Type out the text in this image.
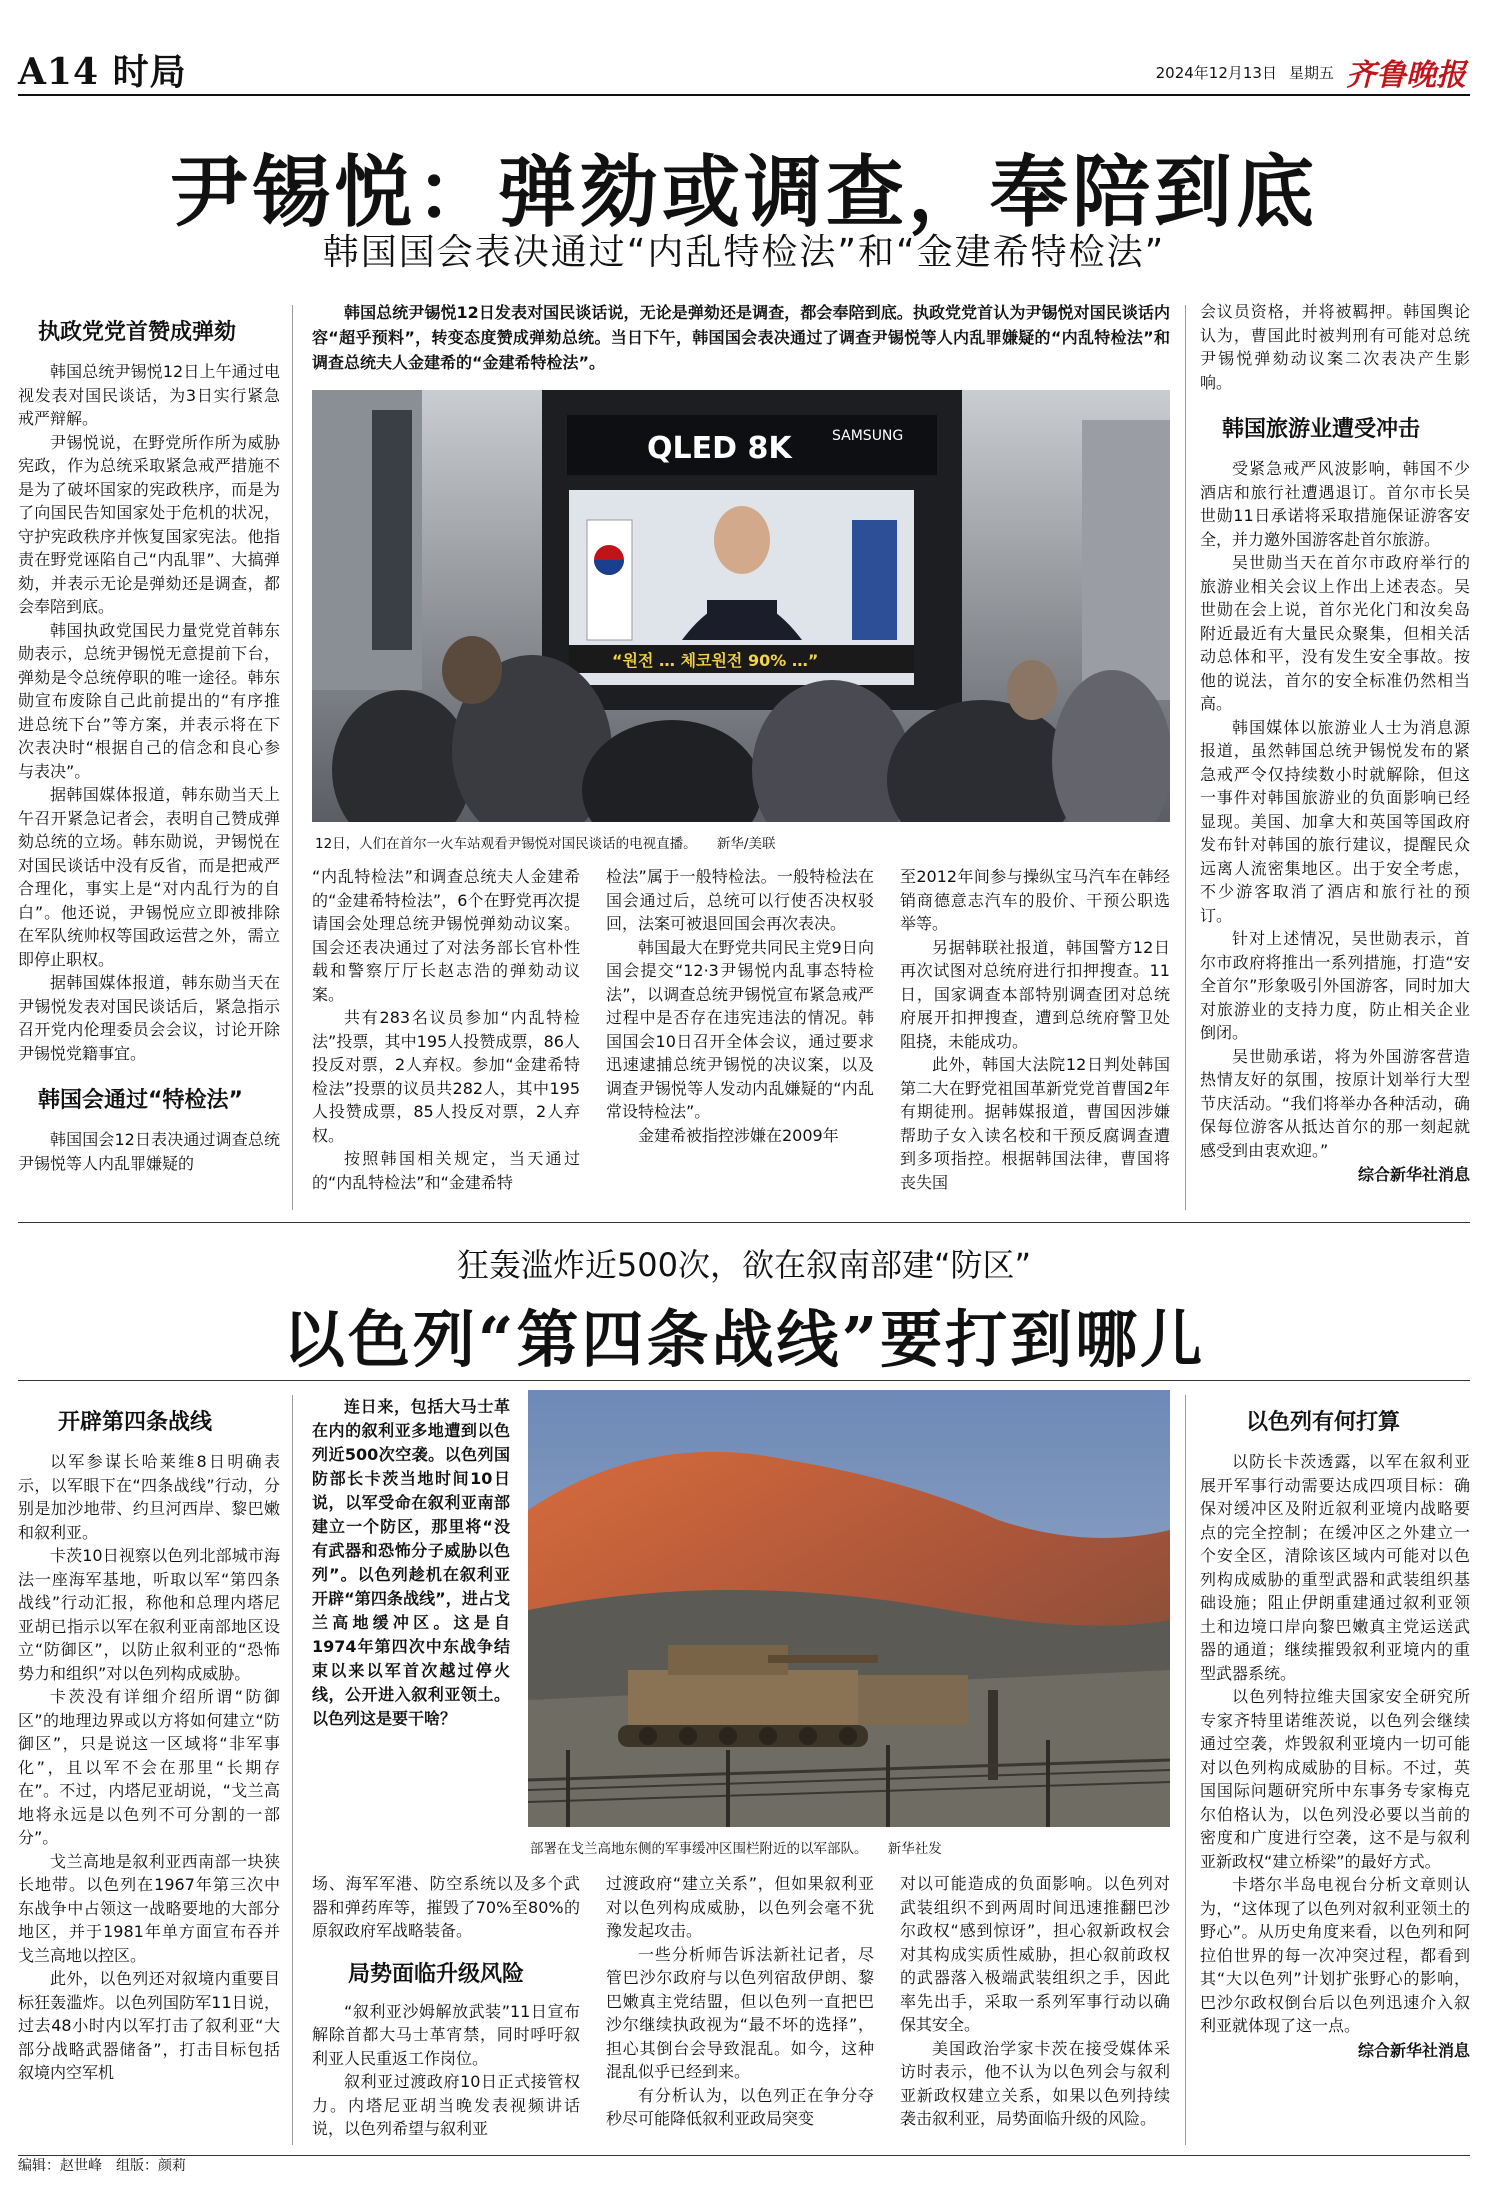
A14 时局	2024年12月13日 星期五 齐鲁晚报
尹锡悦：弹劾或调查，奉陪到底
韩国国会表决通过“内乱特检法”和“金建希特检法”
执政党党首赞成弹劾

韩国总统尹锡悦12日上午通过电视发表对国民谈话，为3日实行紧急戒严辩解。

尹锡悦说，在野党所作所为威胁宪政，作为总统采取紧急戒严措施不是为了破坏国家的宪政秩序，而是为了向国民告知国家处于危机的状况，守护宪政秩序并恢复国家宪法。他指责在野党诬陷自己“内乱罪”、大搞弹劾，并表示无论是弹劾还是调查，都会奉陪到底。

韩国执政党国民力量党党首韩东勋表示，总统尹锡悦无意提前下台，弹劾是令总统停职的唯一途径。韩东勋宣布废除自己此前提出的“有序推进总统下台”等方案，并表示将在下次表决时“根据自己的信念和良心参与表决”。

据韩国媒体报道，韩东勋当天上午召开紧急记者会，表明自己赞成弹劾总统的立场。韩东勋说，尹锡悦在对国民谈话中没有反省，而是把戒严合理化，事实上是“对内乱行为的自白”。他还说，尹锡悦应立即被排除在军队统帅权等国政运营之外，需立即停止职权。

据韩国媒体报道，韩东勋当天在尹锡悦发表对国民谈话后，紧急指示召开党内伦理委员会会议，讨论开除尹锡悦党籍事宜。

韩国会通过“特检法”

韩国国会12日表决通过调查总统尹锡悦等人内乱罪嫌疑的

韩国总统尹锡悦12日发表对国民谈话说，无论是弹劾还是调查，都会奉陪到底。执政党党首认为尹锡悦对国民谈话内容“超乎预料”，转变态度赞成弹劾总统。当日下午，韩国国会表决通过了调查尹锡悦等人内乱罪嫌疑的“内乱特检法”和调查总统夫人金建希的“金建希特检法”。
QLED 8K	SAMSUNG
“원전 … 체코원전 90% …”
12日，人们在首尔一火车站观看尹锡悦对国民谈话的电视直播。　　新华/美联

“内乱特检法”和调查总统夫人金建希的“金建希特检法”，6个在野党再次提请国会处理总统尹锡悦弹劾动议案。国会还表决通过了对法务部长官朴性载和警察厅厅长赵志浩的弹劾动议案。

共有283名议员参加“内乱特检法”投票，其中195人投赞成票，86人投反对票，2人弃权。参加“金建希特检法”投票的议员共282人，其中195人投赞成票，85人投反对票，2人弃权。

按照韩国相关规定，当天通过的“内乱特检法”和“金建希特

检法”属于一般特检法。一般特检法在国会通过后，总统可以行使否决权驳回，法案可被退回国会再次表决。

韩国最大在野党共同民主党9日向国会提交“12·3尹锡悦内乱事态特检法”，以调查总统尹锡悦宣布紧急戒严过程中是否存在违宪违法的情况。韩国国会10日召开全体会议，通过要求迅速逮捕总统尹锡悦的决议案，以及调查尹锡悦等人发动内乱嫌疑的“内乱常设特检法”。

金建希被指控涉嫌在2009年

至2012年间参与操纵宝马汽车在韩经销商德意志汽车的股价、干预公职选举等。

另据韩联社报道，韩国警方12日再次试图对总统府进行扣押搜查。11日，国家调查本部特别调查团对总统府展开扣押搜查，遭到总统府警卫处阻挠，未能成功。

此外，韩国大法院12日判处韩国第二大在野党祖国革新党党首曹国2年有期徒刑。据韩媒报道，曹国因涉嫌帮助子女入读名校和干预反腐调查遭到多项指控。根据韩国法律，曹国将丧失国

会议员资格，并将被羁押。韩国舆论认为，曹国此时被判刑有可能对总统尹锡悦弹劾动议案二次表决产生影响。

韩国旅游业遭受冲击

受紧急戒严风波影响，韩国不少酒店和旅行社遭遇退订。首尔市长吴世勋11日承诺将采取措施保证游客安全，并力邀外国游客赴首尔旅游。

吴世勋当天在首尔市政府举行的旅游业相关会议上作出上述表态。吴世勋在会上说，首尔光化门和汝矣岛附近最近有大量民众聚集，但相关活动总体和平，没有发生安全事故。按他的说法，首尔的安全标准仍然相当高。

韩国媒体以旅游业人士为消息源报道，虽然韩国总统尹锡悦发布的紧急戒严令仅持续数小时就解除，但这一事件对韩国旅游业的负面影响已经显现。美国、加拿大和英国等国政府发布针对韩国的旅行建议，提醒民众远离人流密集地区。出于安全考虑，不少游客取消了酒店和旅行社的预订。

针对上述情况，吴世勋表示，首尔市政府将推出一系列措施，打造“安全首尔”形象吸引外国游客，同时加大对旅游业的支持力度，防止相关企业倒闭。

吴世勋承诺，将为外国游客营造热情友好的氛围，按原计划举行大型节庆活动。“我们将举办各种活动，确保每位游客从抵达首尔的那一刻起就感受到由衷欢迎。”

综合新华社消息
狂轰滥炸近500次，欲在叙南部建“防区”
以色列“第四条战线”要打到哪儿
开辟第四条战线

以军参谋长哈莱维8日明确表示，以军眼下在“四条战线”行动，分别是加沙地带、约旦河西岸、黎巴嫩和叙利亚。

卡茨10日视察以色列北部城市海法一座海军基地，听取以军“第四条战线”行动汇报，称他和总理内塔尼亚胡已指示以军在叙利亚南部地区设立“防御区”，以防止叙利亚的“恐怖势力和组织”对以色列构成威胁。

卡茨没有详细介绍所谓“防御区”的地理边界或以方将如何建立“防御区”，只是说这一区域将“非军事化”，且以军不会在那里“长期存在”。不过，内塔尼亚胡说，“戈兰高地将永远是以色列不可分割的一部分”。

戈兰高地是叙利亚西南部一块狭长地带。以色列在1967年第三次中东战争中占领这一战略要地的大部分地区，并于1981年单方面宣布吞并戈兰高地以控区。

此外，以色列还对叙境内重要目标狂轰滥炸。以色列国防军11日说，过去48小时内以军打击了叙利亚“大部分战略武器储备”，打击目标包括叙境内空军机

连日来，包括大马士革在内的叙利亚多地遭到以色列近500次空袭。以色列国防部长卡茨当地时间10日说，以军受命在叙利亚南部建立一个防区，那里将“没有武器和恐怖分子威胁以色列”。以色列趁机在叙利亚开辟“第四条战线”，进占戈兰高地缓冲区。这是自1974年第四次中东战争结束以来以军首次越过停火线，公开进入叙利亚领土。以色列这是要干啥？
部署在戈兰高地东侧的军事缓冲区围栏附近的以军部队。　　新华社发

场、海军军港、防空系统以及多个武器和弹药库等，摧毁了70%至80%的原叙政府军战略装备。

局势面临升级风险

“叙利亚沙姆解放武装”11日宣布解除首都大马士革宵禁，同时呼吁叙利亚人民重返工作岗位。

叙利亚过渡政府10日正式接管权力。内塔尼亚胡当晚发表视频讲话说，以色列希望与叙利亚

过渡政府“建立关系”，但如果叙利亚对以色列构成威胁，以色列会毫不犹豫发起攻击。

一些分析师告诉法新社记者，尽管巴沙尔政府与以色列宿敌伊朗、黎巴嫩真主党结盟，但以色列一直把巴沙尔继续执政视为“最不坏的选择”，担心其倒台会导致混乱。如今，这种混乱似乎已经到来。

有分析认为，以色列正在争分夺秒尽可能降低叙利亚政局突变

对以可能造成的负面影响。以色列对武装组织不到两周时间迅速推翻巴沙尔政权“感到惊讶”，担心叙新政权会对其构成实质性威胁，担心叙前政权的武器落入极端武装组织之手，因此率先出手，采取一系列军事行动以确保其安全。

美国政治学家卡茨在接受媒体采访时表示，他不认为以色列会与叙利亚新政权建立关系，如果以色列持续袭击叙利亚，局势面临升级的风险。

以色列有何打算

以防长卡茨透露，以军在叙利亚展开军事行动需要达成四项目标：确保对缓冲区及附近叙利亚境内战略要点的完全控制；在缓冲区之外建立一个安全区，清除该区域内可能对以色列构成威胁的重型武器和武装组织基础设施；阻止伊朗重建通过叙利亚领土和边境口岸向黎巴嫩真主党运送武器的通道；继续摧毁叙利亚境内的重型武器系统。

以色列特拉维夫国家安全研究所专家齐特里诺维茨说，以色列会继续通过空袭，炸毁叙利亚境内一切可能对以色列构成威胁的目标。不过，英国国际问题研究所中东事务专家梅克尔伯格认为，以色列没必要以当前的密度和广度进行空袭，这不是与叙利亚新政权“建立桥梁”的最好方式。

卡塔尔半岛电视台分析文章则认为，“这体现了以色列对叙利亚领土的野心”。从历史角度来看，以色列和阿拉伯世界的每一次冲突过程，都看到其“大以色列”计划扩张野心的影响，巴沙尔政权倒台后以色列迅速介入叙利亚就体现了这一点。

综合新华社消息
编辑：赵世峰　组版：颜莉
